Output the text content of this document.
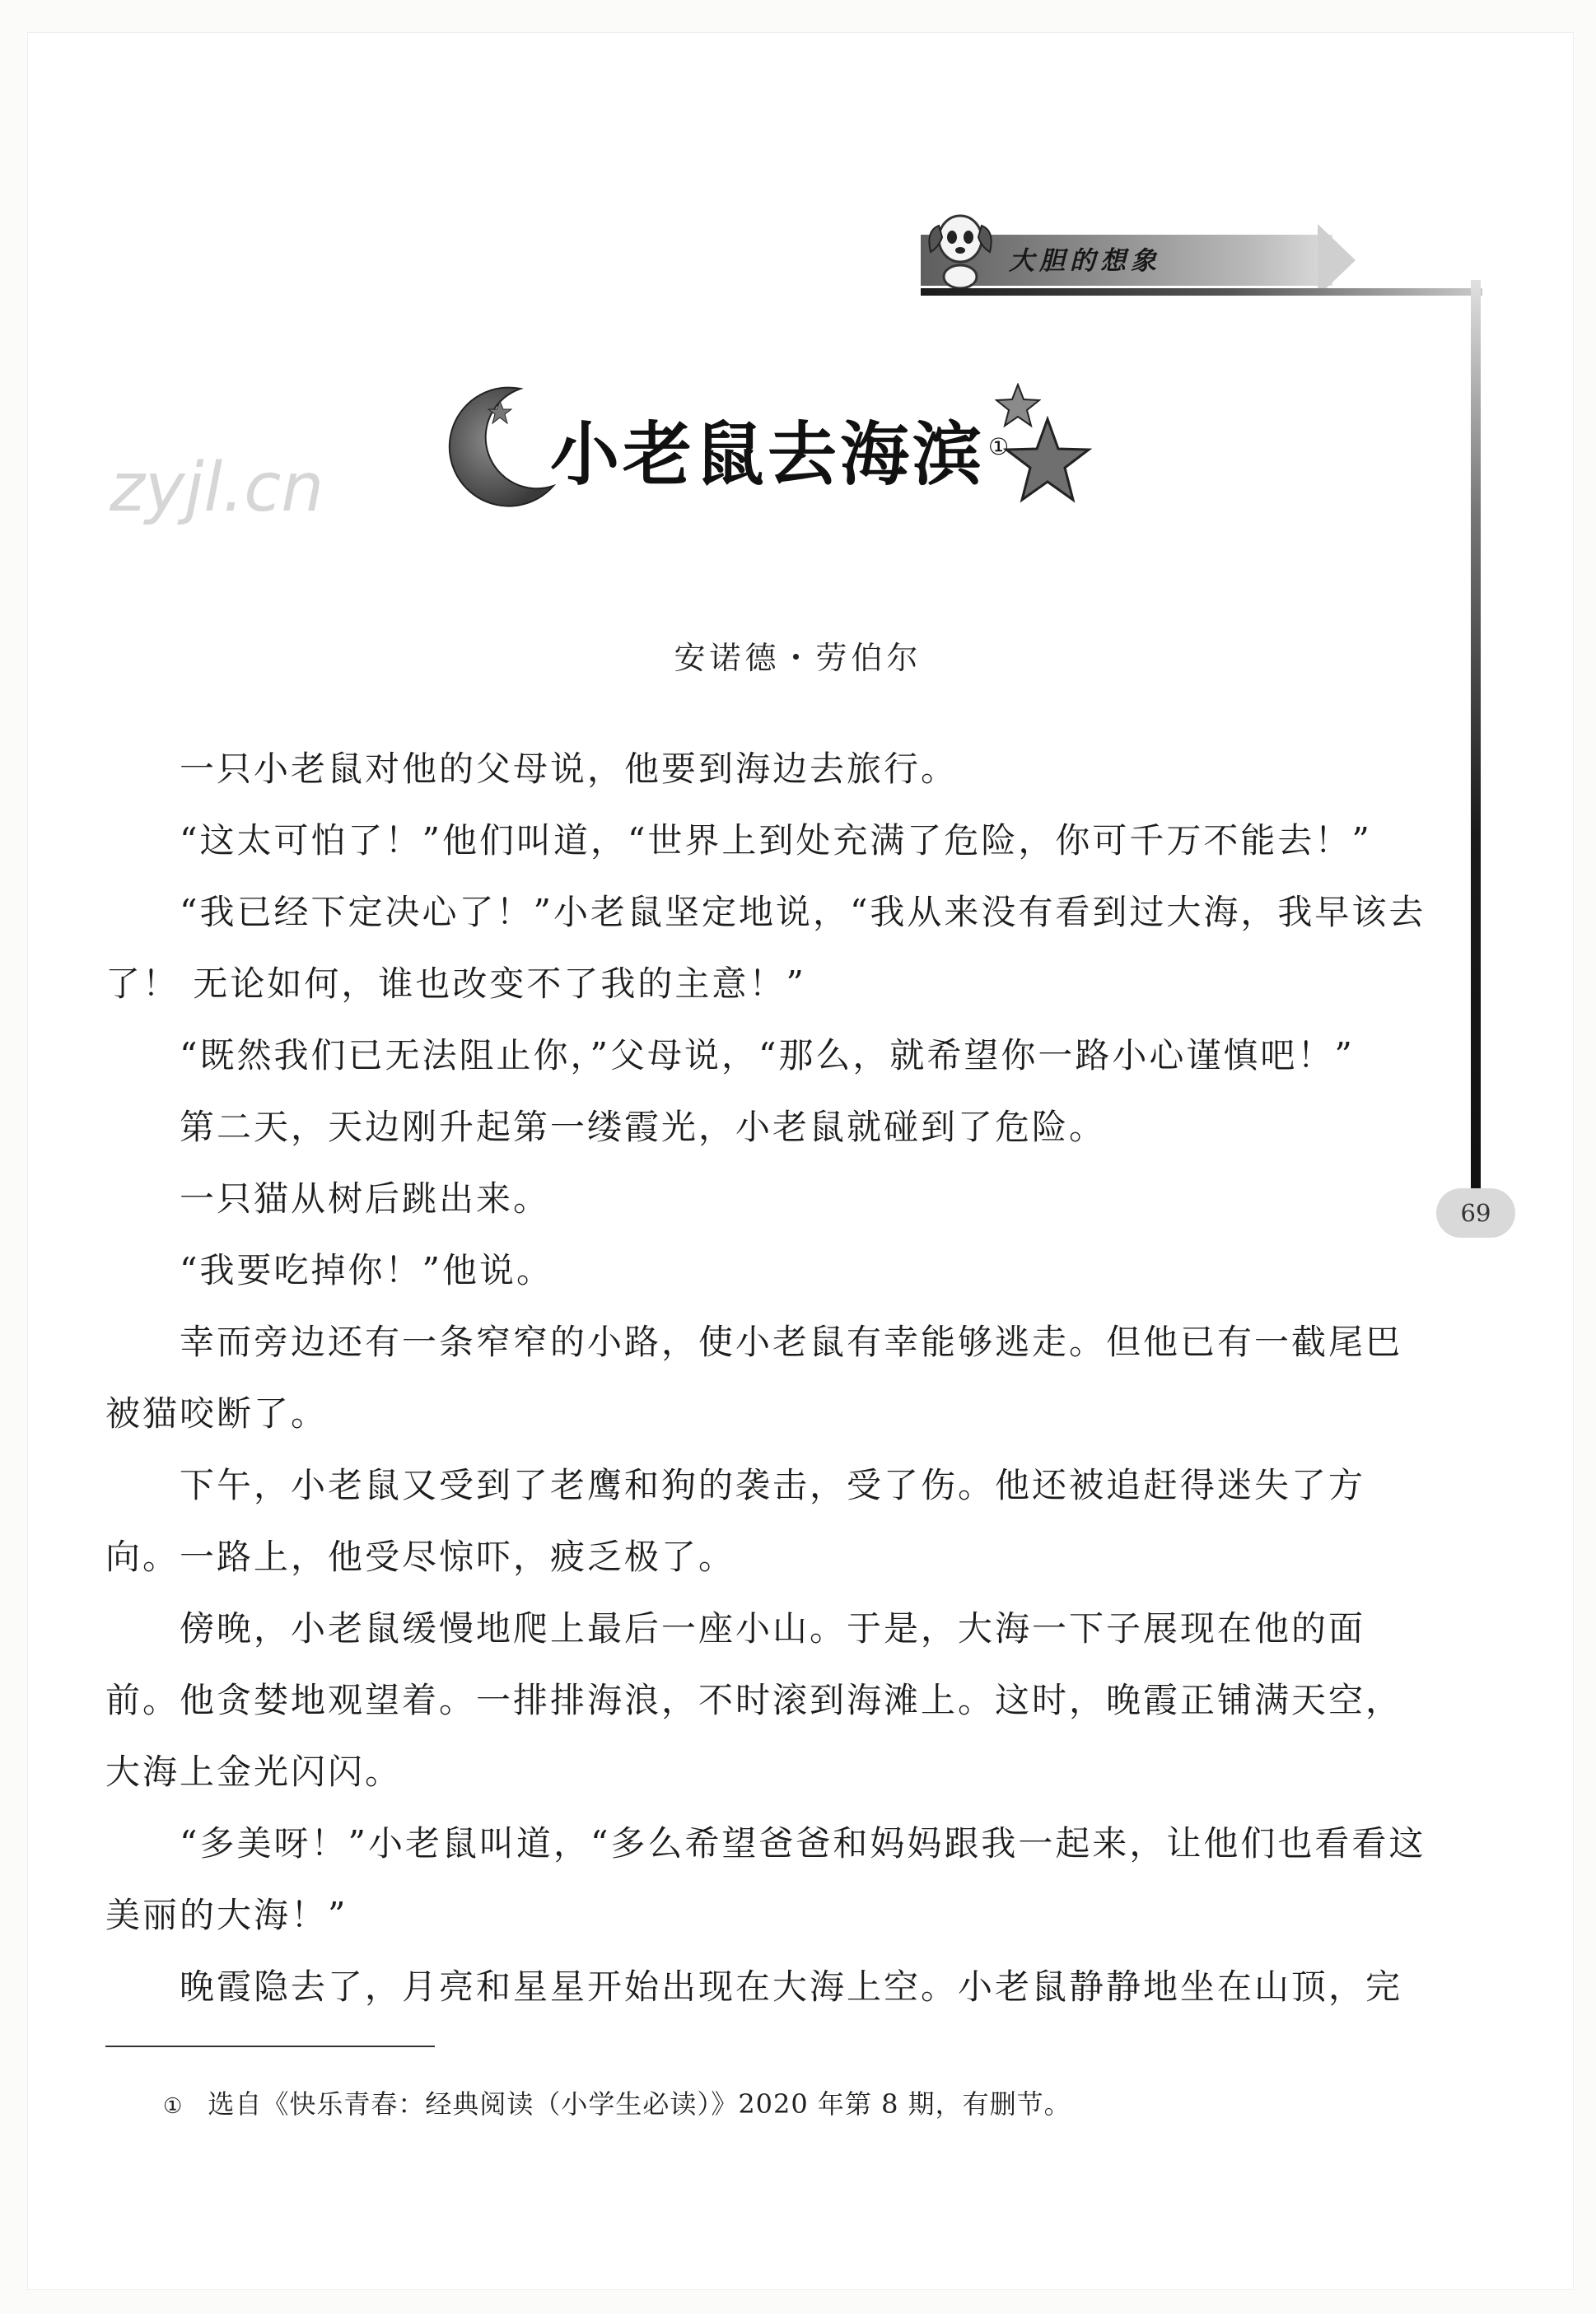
大胆的想象
69
zyjl.cn	小老鼠去海滨 ①
安诺德・劳伯尔

一只小老鼠对他的父母说，他要到海边去旅行。

“这太可怕了！”他们叫道，“世界上到处充满了危险，你可千万不能去！”

“我已经下定决心了！”小老鼠坚定地说，“我从来没有看到过大海，我早该去了！ 无论如何，谁也改变不了我的主意！”

“既然我们已无法阻止你，”父母说，“那么，就希望你一路小心谨慎吧！”

第二天，天边刚升起第一缕霞光，小老鼠就碰到了危险。

一只猫从树后跳出来。

“我要吃掉你！”他说。

幸而旁边还有一条窄窄的小路，使小老鼠有幸能够逃走。但他已有一截尾巴被猫咬断了。

下午，小老鼠又受到了老鹰和狗的袭击，受了伤。他还被追赶得迷失了方向。一路上，他受尽惊吓，疲乏极了。

傍晚，小老鼠缓慢地爬上最后一座小山。于是，大海一下子展现在他的面前。他贪婪地观望着。一排排海浪，不时滚到海滩上。这时，晚霞正铺满天空，大海上金光闪闪。

“多美呀！”小老鼠叫道，“多么希望爸爸和妈妈跟我一起来，让他们也看看这美丽的大海！”

晚霞隐去了，月亮和星星开始出现在大海上空。小老鼠静静地坐在山顶，完

① 选自《快乐青春：经典阅读（小学生必读）》2020 年第 8 期，有删节。
